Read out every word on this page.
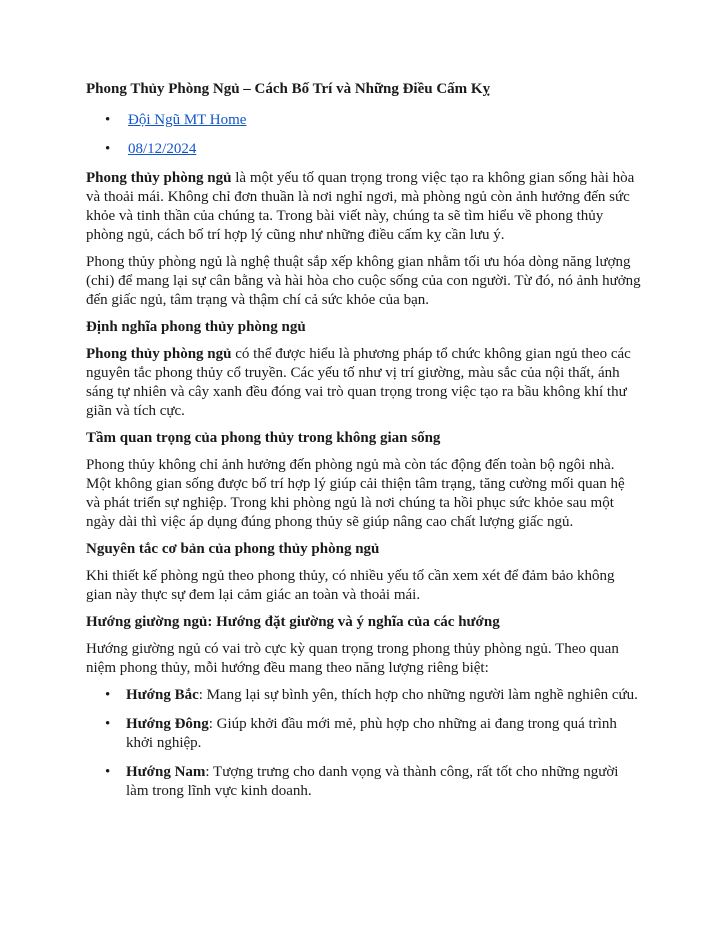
Phong Thủy Phòng Ngủ – Cách Bố Trí và Những Điều Cấm Kỵ
• Đội Ngũ MT Home
• 08/12/2024

Phong thủy phòng ngủ là một yếu tố quan trọng trong việc tạo ra không gian sống hài hòa và thoải mái. Không chỉ đơn thuần là nơi nghỉ ngơi, mà phòng ngủ còn ảnh hưởng đến sức khỏe và tinh thần của chúng ta. Trong bài viết này, chúng ta sẽ tìm hiểu về phong thủy phòng ngủ, cách bố trí hợp lý cũng như những điều cấm kỵ cần lưu ý.

Phong thủy phòng ngủ là nghệ thuật sắp xếp không gian nhằm tối ưu hóa dòng năng lượng (chi) để mang lại sự cân bằng và hài hòa cho cuộc sống của con người. Từ đó, nó ảnh hưởng đến giấc ngủ, tâm trạng và thậm chí cả sức khỏe của bạn.

Định nghĩa phong thủy phòng ngủ

Phong thủy phòng ngủ có thể được hiểu là phương pháp tổ chức không gian ngủ theo các nguyên tắc phong thủy cổ truyền. Các yếu tố như vị trí giường, màu sắc của nội thất, ánh sáng tự nhiên và cây xanh đều đóng vai trò quan trọng trong việc tạo ra bầu không khí thư giãn và tích cực.

Tầm quan trọng của phong thủy trong không gian sống

Phong thủy không chỉ ảnh hưởng đến phòng ngủ mà còn tác động đến toàn bộ ngôi nhà. Một không gian sống được bố trí hợp lý giúp cải thiện tâm trạng, tăng cường mối quan hệ và phát triển sự nghiệp. Trong khi phòng ngủ là nơi chúng ta hồi phục sức khỏe sau một ngày dài thì việc áp dụng đúng phong thủy sẽ giúp nâng cao chất lượng giấc ngủ.

Nguyên tắc cơ bản của phong thủy phòng ngủ

Khi thiết kế phòng ngủ theo phong thủy, có nhiều yếu tố cần xem xét để đảm bảo không gian này thực sự đem lại cảm giác an toàn và thoải mái.

Hướng giường ngủ: Hướng đặt giường và ý nghĩa của các hướng

Hướng giường ngủ có vai trò cực kỳ quan trọng trong phong thủy phòng ngủ. Theo quan niệm phong thủy, mỗi hướng đều mang theo năng lượng riêng biệt:

• Hướng Bắc: Mang lại sự bình yên, thích hợp cho những người làm nghề nghiên cứu.
• Hướng Đông: Giúp khởi đầu mới mẻ, phù hợp cho những ai đang trong quá trình khởi nghiệp.
• Hướng Nam: Tượng trưng cho danh vọng và thành công, rất tốt cho những người làm trong lĩnh vực kinh doanh.
